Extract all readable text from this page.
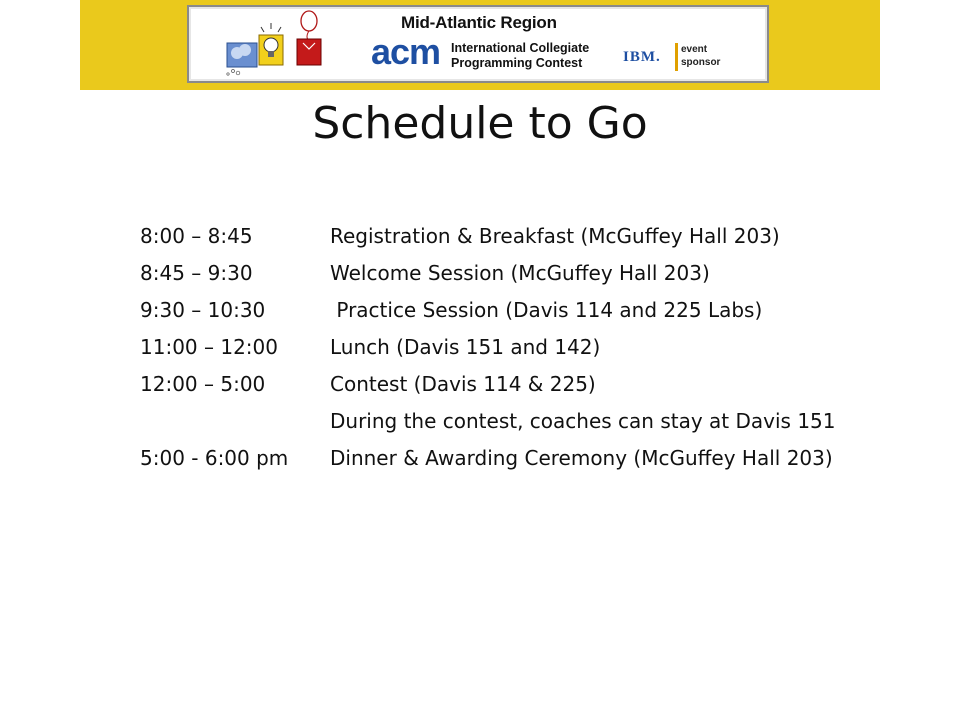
Mid-Atlantic Region
acm International Collegiate
Programming Contest	IBM. event
sponsor
Schedule to Go
8:00 – 8:45	Registration & Breakfast (McGuffey Hall 203)
8:45 – 9:30	Welcome Session (McGuffey Hall 203)
9:30 – 10:30	Practice Session (Davis 114 and 225 Labs)
11:00 – 12:00	Lunch (Davis 151 and 142)
12:00 – 5:00	Contest (Davis 114 & 225)
During the contest, coaches can stay at Davis 151
5:00 - 6:00 pm Dinner & Awarding Ceremony (McGuffey Hall 203)
